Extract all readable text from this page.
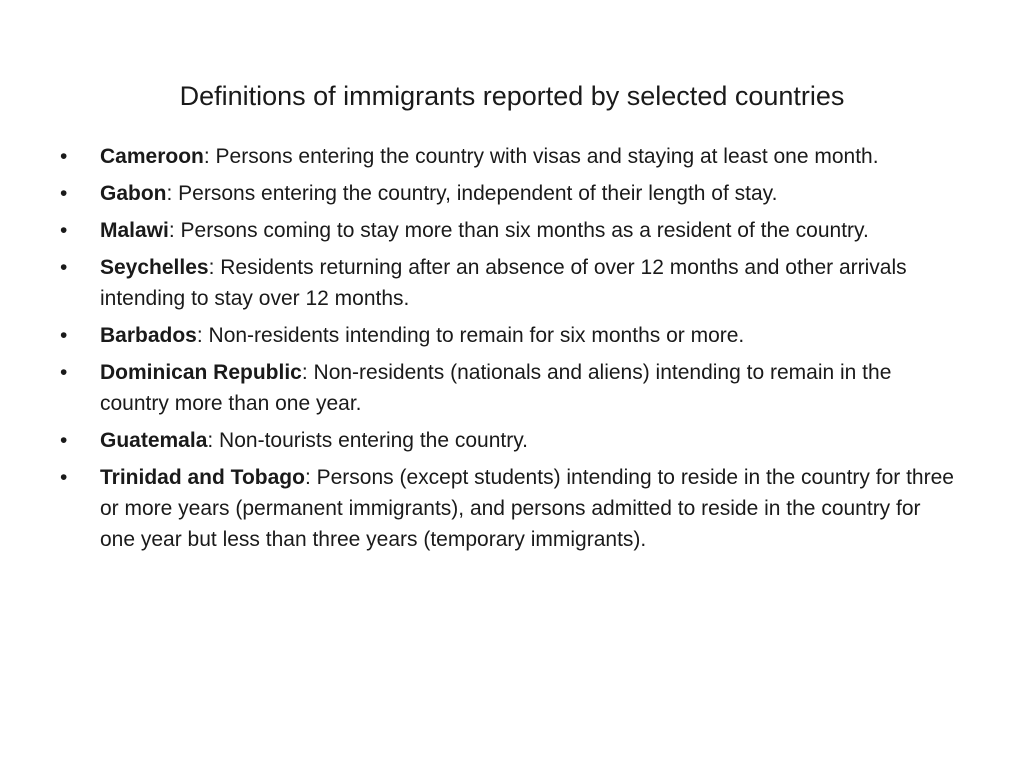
Definitions of immigrants reported by selected countries
•	Cameroon: Persons entering the country with visas and staying at least one month.
•	Gabon: Persons entering the country, independent of their length of stay.
•	Malawi: Persons coming to stay more than six months as a resident of the country.
•	Seychelles: Residents returning after an absence of over 12 months and other arrivals intending to stay over 12 months.
•	Barbados: Non-residents intending to remain for six months or more.
•	Dominican Republic: Non-residents (nationals and aliens) intending to remain in the country more than one year.
•	Guatemala: Non-tourists entering the country.
•	Trinidad and Tobago: Persons (except students) intending to reside in the country for three or more years (permanent immigrants), and persons admitted to reside in the country for one year but less than three years (temporary immigrants).
